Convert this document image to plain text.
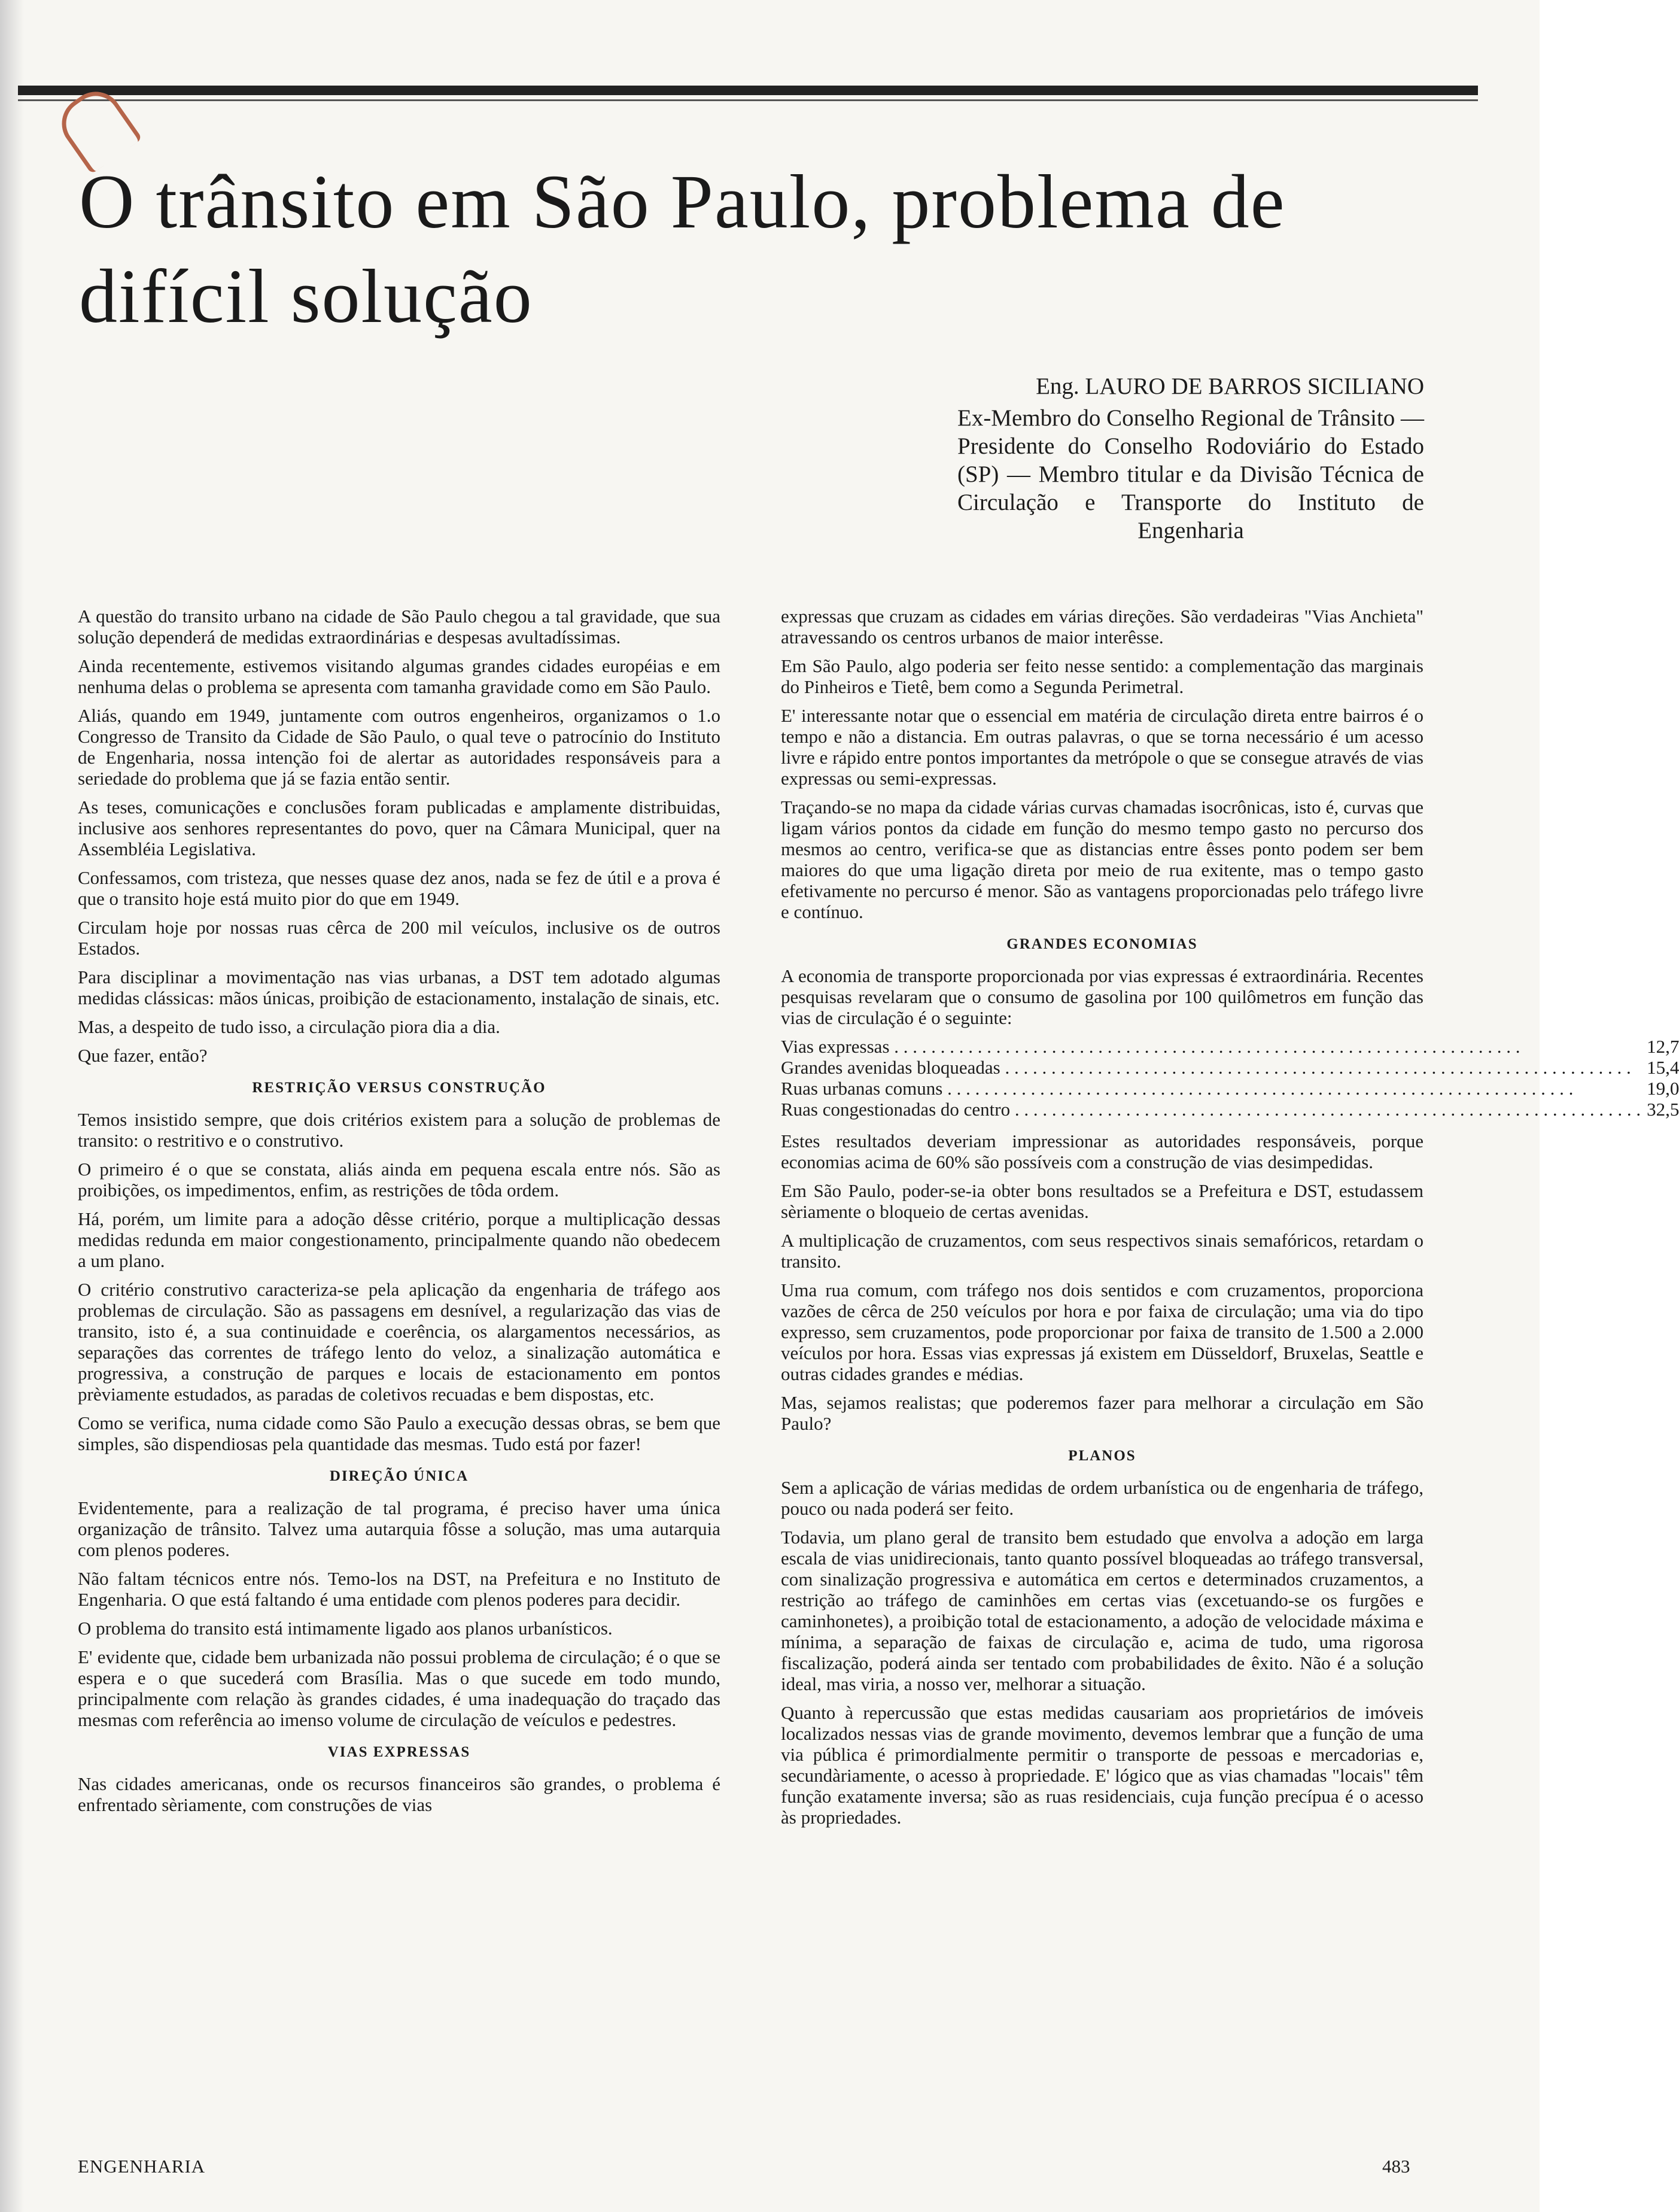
O trânsito em São Paulo, problema de difícil solução
Eng. LAURO DE BARROS SICILIANO
Ex-Membro do Conselho Regional de Trânsito — Presidente do Conselho Rodoviário do Estado (SP) — Membro titular e da Divisão Técnica de Circulação e Transporte do Instituto de Engenharia

A questão do transito urbano na cidade de São Paulo chegou a tal gravidade, que sua solução dependerá de medidas extraordinárias e despesas avultadíssimas.

Ainda recentemente, estivemos visitando algumas grandes cidades européias e em nenhuma delas o problema se apresenta com tamanha gravidade como em São Paulo.

Aliás, quando em 1949, juntamente com outros engenheiros, organizamos o 1.o Congresso de Transito da Cidade de São Paulo, o qual teve o patrocínio do Instituto de Engenharia, nossa intenção foi de alertar as autoridades responsáveis para a seriedade do problema que já se fazia então sentir.

As teses, comunicações e conclusões foram publicadas e amplamente distribuidas, inclusive aos senhores representantes do povo, quer na Câmara Municipal, quer na Assembléia Legislativa.

Confessamos, com tristeza, que nesses quase dez anos, nada se fez de útil e a prova é que o transito hoje está muito pior do que em 1949.

Circulam hoje por nossas ruas cêrca de 200 mil veículos, inclusive os de outros Estados.

Para disciplinar a movimentação nas vias urbanas, a DST tem adotado algumas medidas clássicas: mãos únicas, proibição de estacionamento, instalação de sinais, etc.

Mas, a despeito de tudo isso, a circulação piora dia a dia.

Que fazer, então?

RESTRIÇÃO VERSUS CONSTRUÇÃO

Temos insistido sempre, que dois critérios existem para a solução de problemas de transito: o restritivo e o construtivo.

O primeiro é o que se constata, aliás ainda em pequena escala entre nós. São as proibições, os impedimentos, enfim, as restrições de tôda ordem.

Há, porém, um limite para a adoção dêsse critério, porque a multiplicação dessas medidas redunda em maior congestionamento, principalmente quando não obedecem a um plano.

O critério construtivo caracteriza-se pela aplicação da engenharia de tráfego aos problemas de circulação. São as passagens em desnível, a regularização das vias de transito, isto é, a sua continuidade e coerência, os alargamentos necessários, as separações das correntes de tráfego lento do veloz, a sinalização automática e progressiva, a construção de parques e locais de estacionamento em pontos prèviamente estudados, as paradas de coletivos recuadas e bem dispostas, etc.

Como se verifica, numa cidade como São Paulo a execução dessas obras, se bem que simples, são dispendiosas pela quantidade das mesmas. Tudo está por fazer!

DIREÇÃO ÚNICA

Evidentemente, para a realização de tal programa, é preciso haver uma única organização de trânsito. Talvez uma autarquia fôsse a solução, mas uma autarquia com plenos poderes.

Não faltam técnicos entre nós. Temo-los na DST, na Prefeitura e no Instituto de Engenharia. O que está faltando é uma entidade com plenos poderes para decidir.

O problema do transito está intimamente ligado aos planos urbanísticos.

E' evidente que, cidade bem urbanizada não possui problema de circulação; é o que se espera e o que sucederá com Brasília. Mas o que sucede em todo mundo, principalmente com relação às grandes cidades, é uma inadequação do traçado das mesmas com referência ao imenso volume de circulação de veículos e pedestres.

VIAS EXPRESSAS

Nas cidades americanas, onde os recursos financeiros são grandes, o problema é enfrentado sèriamente, com construções de vias

expressas que cruzam as cidades em várias direções. São verdadeiras "Vias Anchieta" atravessando os centros urbanos de maior interêsse.

Em São Paulo, algo poderia ser feito nesse sentido: a complementação das marginais do Pinheiros e Tietê, bem como a Segunda Perimetral.

E' interessante notar que o essencial em matéria de circulação direta entre bairros é o tempo e não a distancia. Em outras palavras, o que se torna necessário é um acesso livre e rápido entre pontos importantes da metrópole o que se consegue através de vias expressas ou semi-expressas.

Traçando-se no mapa da cidade várias curvas chamadas isocrônicas, isto é, curvas que ligam vários pontos da cidade em função do mesmo tempo gasto no percurso dos mesmos ao centro, verifica-se que as distancias entre êsses ponto podem ser bem maiores do que uma ligação direta por meio de rua exitente, mas o tempo gasto efetivamente no percurso é menor. São as vantagens proporcionadas pelo tráfego livre e contínuo.

GRANDES ECONOMIAS

A economia de transporte proporcionada por vias expressas é extraordinária. Recentes pesquisas revelaram que o consumo de gasolina por 100 quilômetros em função das vias de circulação é o seguinte:

Vias expressas . . .	12,7
Grandes avenidas bloqueadas . . .	15,4
Ruas urbanas comuns . . .	19,0
Ruas congestionadas do centro . . .	32,5

Estes resultados deveriam impressionar as autoridades responsáveis, porque economias acima de 60% são possíveis com a construção de vias desimpedidas.

Em São Paulo, poder-se-ia obter bons resultados se a Prefeitura e DST, estudassem sèriamente o bloqueio de certas avenidas.

A multiplicação de cruzamentos, com seus respectivos sinais semafóricos, retardam o transito.

Uma rua comum, com tráfego nos dois sentidos e com cruzamentos, proporciona vazões de cêrca de 250 veículos por hora e por faixa de circulação; uma via do tipo expresso, sem cruzamentos, pode proporcionar por faixa de transito de 1.500 a 2.000 veículos por hora. Essas vias expressas já existem em Düsseldorf, Bruxelas, Seattle e outras cidades grandes e médias.

Mas, sejamos realistas; que poderemos fazer para melhorar a circulação em São Paulo?

PLANOS

Sem a aplicação de várias medidas de ordem urbanística ou de engenharia de tráfego, pouco ou nada poderá ser feito.

Todavia, um plano geral de transito bem estudado que envolva a adoção em larga escala de vias unidirecionais, tanto quanto possível bloqueadas ao tráfego transversal, com sinalização progressiva e automática em certos e determinados cruzamentos, a restrição ao tráfego de caminhões em certas vias (excetuando-se os furgões e caminhonetes), a proibição total de estacionamento, a adoção de velocidade máxima e mínima, a separação de faixas de circulação e, acima de tudo, uma rigorosa fiscalização, poderá ainda ser tentado com probabilidades de êxito. Não é a solução ideal, mas viria, a nosso ver, melhorar a situação.

Quanto à repercussão que estas medidas causariam aos proprietários de imóveis localizados nessas vias de grande movimento, devemos lembrar que a função de uma via pública é primordialmente permitir o transporte de pessoas e mercadorias e, secundàriamente, o acesso à propriedade. E' lógico que as vias chamadas "locais" têm função exatamente inversa; são as ruas residenciais, cuja função precípua é o acesso às propriedades.

ENGENHARIA	483
